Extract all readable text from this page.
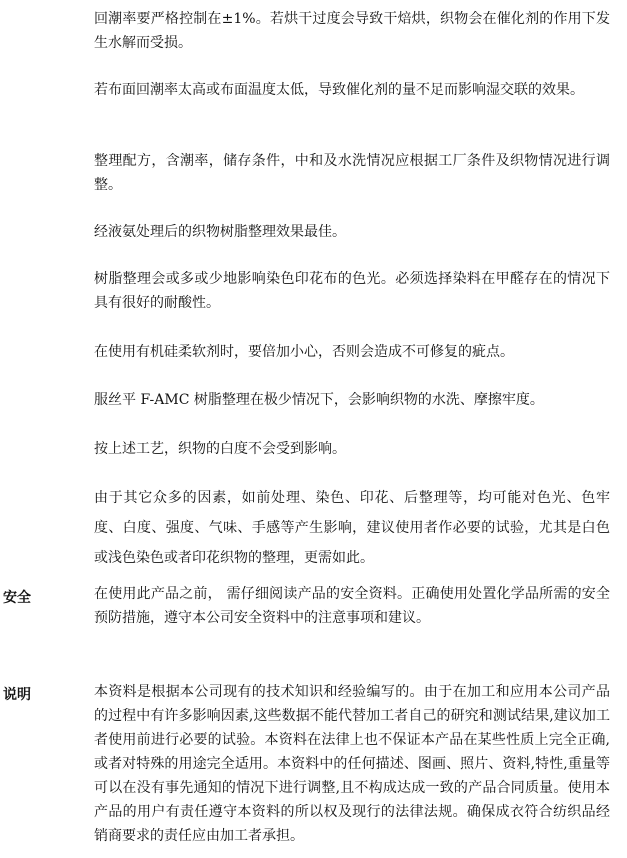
回潮率要严格控制在±1%。若烘干过度会导致干焙烘，织物会在催化剂的作用下发生水解而受损。

若布面回潮率太高或布面温度太低，导致催化剂的量不足而影响湿交联的效果。

整理配方，含潮率，储存条件，中和及水洗情况应根据工厂条件及织物情况进行调整。

经液氨处理后的织物树脂整理效果最佳。

树脂整理会或多或少地影响染色印花布的色光。必须选择染料在甲醛存在的情况下具有很好的耐酸性。

在使用有机硅柔软剂时，要倍加小心，否则会造成不可修复的疵点。

服丝平 F-AMC 树脂整理在极少情况下，会影响织物的水洗、摩擦牢度。

按上述工艺，织物的白度不会受到影响。

由于其它众多的因素，如前处理、染色、印花、后整理等，均可能对色光、色牢度、白度、强度、气味、手感等产生影响，建议使用者作必要的试验，尤其是白色或浅色染色或者印花织物的整理，更需如此。

安全	在使用此产品之前， 需仔细阅读产品的安全资料。正确使用处置化学品所需的安全预防措施，遵守本公司安全资料中的注意事项和建议。

说明	本资料是根据本公司现有的技术知识和经验编写的。由于在加工和应用本公司产品的过程中有许多影响因素,这些数据不能代替加工者自己的研究和测试结果,建议加工者使用前进行必要的试验。本资料在法律上也不保证本产品在某些性质上完全正确,或者对特殊的用途完全适用。本资料中的任何描述、图画、照片、资料,特性,重量等可以在没有事先通知的情况下进行调整,且不构成达成一致的产品合同质量。使用本产品的用户有责任遵守本资料的所以权及现行的法律法规。确保成衣符合纺织品经销商要求的责任应由加工者承担。
